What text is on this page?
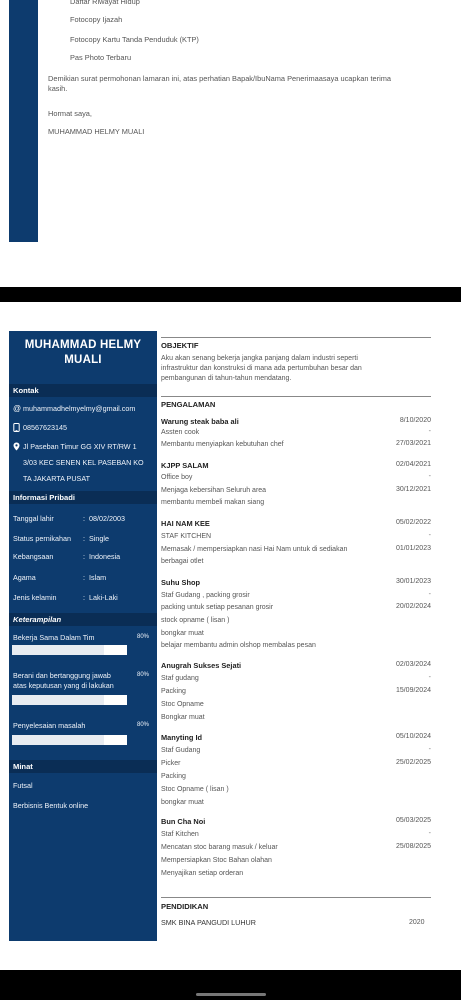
Daftar Riwayat Hidup
Fotocopy Ijazah
Fotocopy Kartu Tanda Penduduk (KTP)
Pas Photo Terbaru
Demikian surat permohonan lamaran ini, atas perhatian Bapak/IbuNama Penerimaasaya ucapkan terima
kasih.
Hormat saya,
MUHAMMAD HELMY MUALI
MUHAMMAD HELMY
MUALI
Kontak
@ muhammadhelmyelmy@gmail.com
08567623145
Jl Paseban Timur GG XIV RT/RW 1
3/03 KEC SENEN KEL PASEBAN KO
TA JAKARTA PUSAT
Informasi Pribadi
Tanggal lahir	: 08/02/2003
Status pernikahan : Single
Kebangsaan	: Indonesia
Agama	: Islam
Jenis kelamin	: Laki-Laki
Keterampilan
Bekerja Sama Dalam Tim	80%
Berani dan bertanggung jawab	80%
atas keputusan yang di lakukan
Penyelesaian masalah	80%
Minat
Futsal
Berbisnis Bentuk online
OBJEKTIF
Aku akan senang bekerja jangka panjang dalam industri seperti
infrastruktur dan konstruksi di mana ada pertumbuhan besar dan
pembangunan di tahun-tahun mendatang.
PENGALAMAN
Warung steak baba ali	8/10/2020
Assten cook	-
Membantu menyiapkan kebutuhan chef	27/03/2021
KJPP SALAM	02/04/2021
Office boy	-
Menjaga kebersihan Seluruh area	30/12/2021
membantu membeli makan siang
HAI NAM KEE	05/02/2022
STAF KITCHEN	-
Memasak / mempersiapkan nasi Hai Nam untuk di sediakan	01/01/2023
berbagai otlet
Suhu Shop	30/01/2023
Staf Gudang , packing grosir	-
packing untuk setiap pesanan grosir	20/02/2024
stock opname ( lisan )
bongkar muat
belajar membantu admin olshop membalas pesan
Anugrah Sukses Sejati	02/03/2024
Staf gudang	-
Packing	15/09/2024
Stoc Opname
Bongkar muat
Manyting Id	05/10/2024
Staf Gudang	-
Picker	25/02/2025
Packing
Stoc Opname ( lisan )
bongkar muat
Bun Cha Noi	05/03/2025
Staf Kitchen	-
Mencatan stoc barang masuk / keluar	25/08/2025
Mempersiapkan Stoc Bahan olahan
Menyajikan setiap orderan
PENDIDIKAN
SMK BINA PANGUDI LUHUR	2020
